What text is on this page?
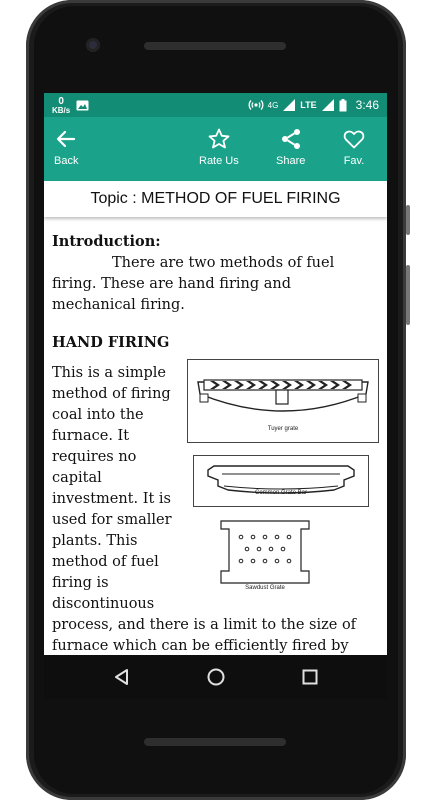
0
KB/s
4G LTE	3:46
Back	Rate Us	Share	Fav.
Topic : METHOD OF FUEL FIRING
Introduction:
There are two methods of fuel firing. These are hand firing and mechanical firing.
HAND FIRING
Tuyer grate
Common Grate Bar
Sawdust Grate
This is a simple method of firing coal into the furnace. It requires no capital investment. It is used for smaller plants. This method of fuel firing is discontinuous process, and there is a limit to the size of furnace which can be efficiently fired by
